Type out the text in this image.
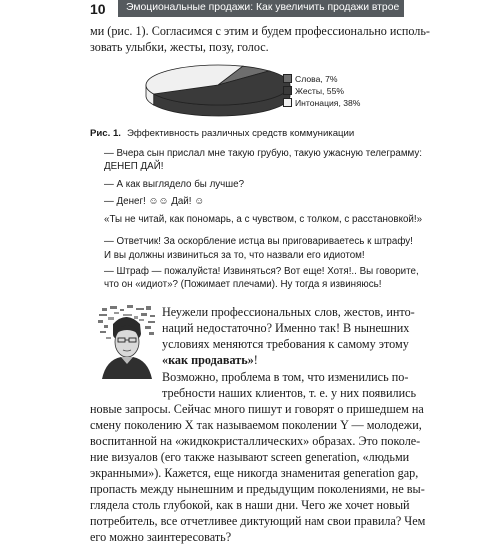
10 Эмоциональные продажи: Как увеличить продажи втрое
ми (рис. 1). Согласимся с этим и будем профессионально исполь-
зовать улыбки, жесты, позу, голос.
Слова, 7%
Жесты, 55%
Интонация, 38%
Рис. 1. Эффективность различных средств коммуникации
— Вчера сын прислал мне такую грубую, такую ужасную телеграмму:
ДЕНЕП ДАЙ!
— А как выглядело бы лучше?
— Денег! ☺☺ Дай! ☺
«Ты не читай, как пономарь, а с чувством, с толком, с расстановкой!»
— Ответчик! За оскорбление истца вы приговариваетесь к штрафу!
И вы должны извиниться за то, что назвали его идиотом!
— Штраф — пожалуйста! Извиняться? Вот еще! Хотя!.. Вы говорите,
что он «идиот»? (Пожимает плечами). Ну тогда я извиняюсь!
Неужели профессиональных слов, жестов, инто-
наций недостаточно? Именно так! В нынешних
условиях меняются требования к самому этому
«как продавать»!
Возможно, проблема в том, что изменились по-
требности наших клиентов, т. е. у них появились
новые запросы. Сейчас много пишут и говорят о пришедшем на
смену поколению X так называемом поколении Y — молодежи,
воспитанной на «жидкокристаллических» образах. Это поколе-
ние визуалов (его также называют screen generation, «людьми
экранными»). Кажется, еще никогда знаменитая generation gap,
пропасть между нынешним и предыдущим поколениями, не вы-
глядела столь глубокой, как в наши дни. Чего же хочет новый
потребитель, все отчетливее диктующий нам свои правила? Чем
его можно заинтересовать?
